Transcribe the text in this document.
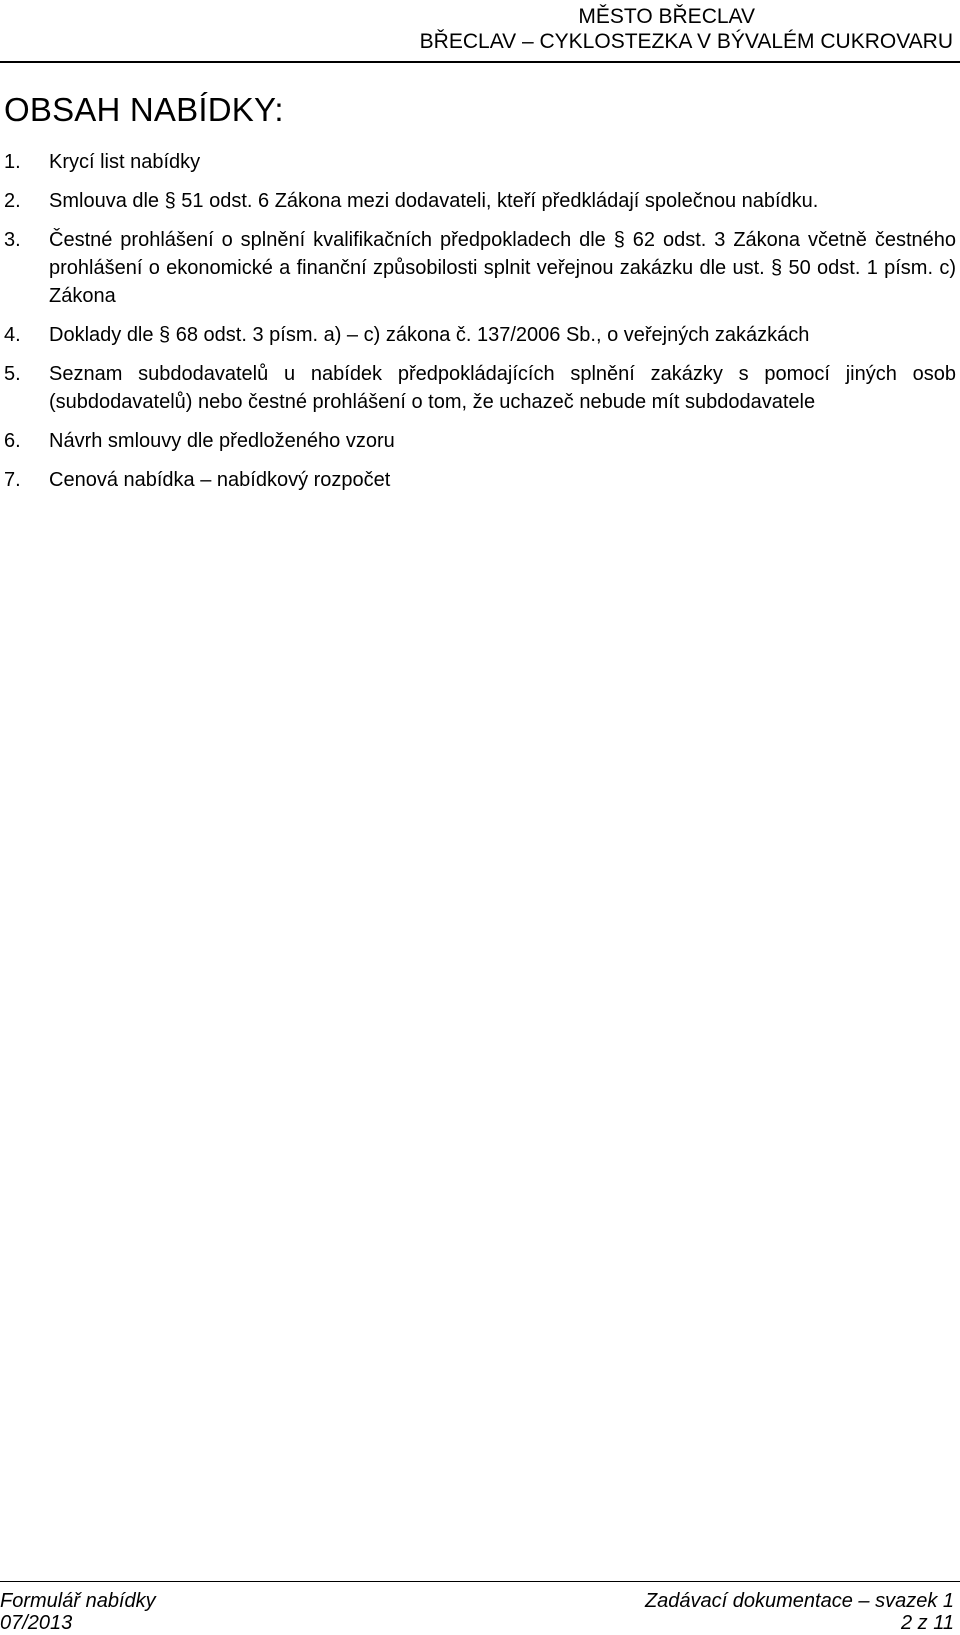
MĚSTO BŘECLAV
BŘECLAV – CYKLOSTEZKA V BÝVALÉM CUKROVARU
OBSAH NABÍDKY:
1. Krycí list nabídky
2. Smlouva dle § 51 odst. 6 Zákona mezi dodavateli, kteří předkládají společnou nabídku.
3. Čestné prohlášení o splnění kvalifikačních předpokladech dle § 62 odst. 3 Zákona včetně čestného prohlášení o ekonomické a finanční způsobilosti splnit veřejnou zakázku dle ust. § 50 odst. 1 písm. c) Zákona
4. Doklady dle § 68 odst. 3 písm. a) – c) zákona č. 137/2006 Sb., o veřejných zakázkách
5. Seznam subdodavatelů u nabídek předpokládajících splnění zakázky s pomocí jiných osob (subdodavatelů) nebo čestné prohlášení o tom, že uchazeč nebude mít subdodavatele
6. Návrh smlouvy dle předloženého vzoru
7. Cenová nabídka – nabídkový rozpočet
Formulář nabídky	Zadávací dokumentace – svazek 1
07/2013	2 z 11
